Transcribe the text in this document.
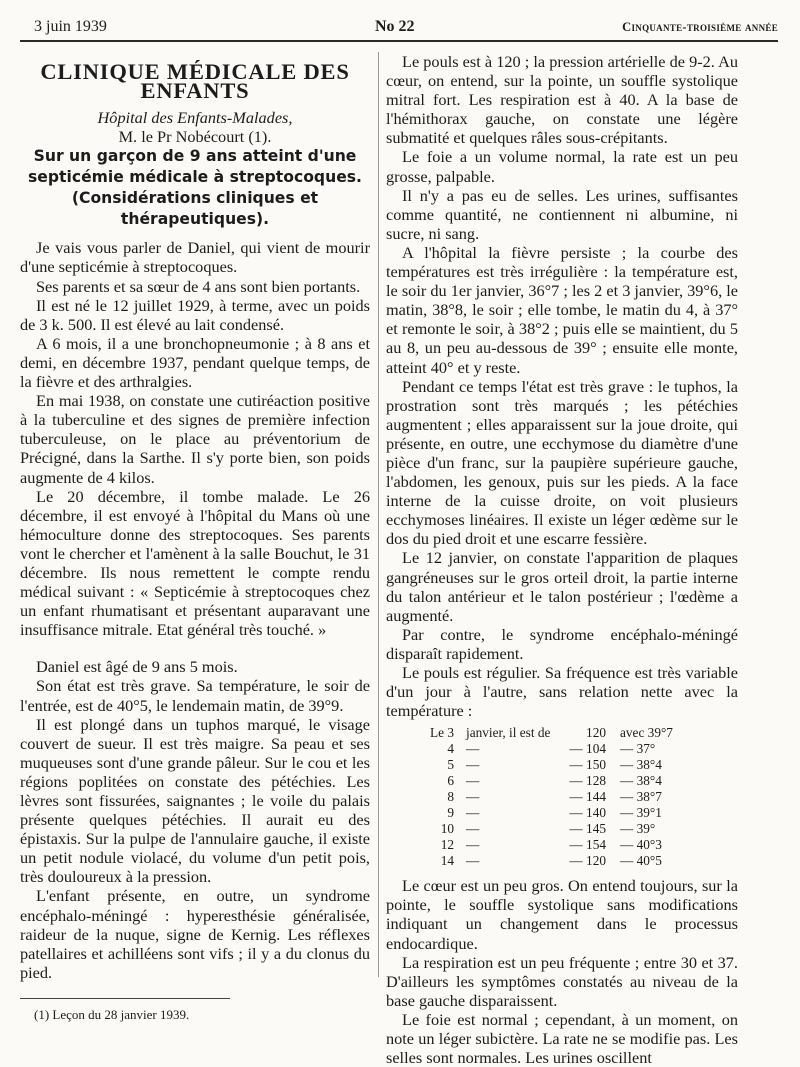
3 juin 1939	No 22	Cinquante-troisième année
CLINIQUE MÉDICALE DES ENFANTS

Hôpital des Enfants-Malades,

M. le Pr Nobécourt (1).

Sur un garçon de 9 ans atteint d'une septicémie médicale à streptocoques. (Considérations cliniques et thérapeutiques).

Je vais vous parler de Daniel, qui vient de mourir d'une septicémie à streptocoques.

Ses parents et sa sœur de 4 ans sont bien portants.

Il est né le 12 juillet 1929, à terme, avec un poids de 3 k. 500. Il est élevé au lait condensé.

A 6 mois, il a une bronchopneumonie ; à 8 ans et demi, en décembre 1937, pendant quelque temps, de la fièvre et des arthralgies.

En mai 1938, on constate une cutiréaction positive à la tuberculine et des signes de première infection tuberculeuse, on le place au préventorium de Précigné, dans la Sarthe. Il s'y porte bien, son poids augmente de 4 kilos.

Le 20 décembre, il tombe malade. Le 26 décembre, il est envoyé à l'hôpital du Mans où une hémoculture donne des streptocoques. Ses parents vont le chercher et l'amènent à la salle Bouchut, le 31 décembre. Ils nous remettent le compte rendu médical suivant : « Septicémie à streptocoques chez un enfant rhumatisant et présentant auparavant une insuffisance mitrale. Etat général très touché. »

Daniel est âgé de 9 ans 5 mois.

Son état est très grave. Sa température, le soir de l'entrée, est de 40°5, le lendemain matin, de 39°9.

Il est plongé dans un tuphos marqué, le visage couvert de sueur. Il est très maigre. Sa peau et ses muqueuses sont d'une grande pâleur. Sur le cou et les régions poplitées on constate des pétéchies. Les lèvres sont fissurées, saignantes ; le voile du palais présente quelques pétéchies. Il aurait eu des épistaxis. Sur la pulpe de l'annulaire gauche, il existe un petit nodule violacé, du volume d'un petit pois, très douloureux à la pression.

L'enfant présente, en outre, un syndrome encéphalo-méningé : hyperesthésie généralisée, raideur de la nuque, signe de Kernig. Les réflexes patellaires et achilléens sont vifs ; il y a du clonus du pied.

(1) Leçon du 28 janvier 1939.

Le pouls est à 120 ; la pression artérielle de 9-2. Au cœur, on entend, sur la pointe, un souffle systolique mitral fort. Les respiration est à 40. A la base de l'hémithorax gauche, on constate une légère submatité et quelques râles sous-crépitants.

Le foie a un volume normal, la rate est un peu grosse, palpable.

Il n'y a pas eu de selles. Les urines, suffisantes comme quantité, ne contiennent ni albumine, ni sucre, ni sang.

A l'hôpital la fièvre persiste ; la courbe des températures est très irrégulière : la température est, le soir du 1er janvier, 36°7 ; les 2 et 3 janvier, 39°6, le matin, 38°8, le soir ; elle tombe, le matin du 4, à 37° et remonte le soir, à 38°2 ; puis elle se maintient, du 5 au 8, un peu au-dessous de 39° ; ensuite elle monte, atteint 40° et y reste.

Pendant ce temps l'état est très grave : le tuphos, la prostration sont très marqués ; les pétéchies augmentent ; elles apparaissent sur la joue droite, qui présente, en outre, une ecchymose du diamètre d'une pièce d'un franc, sur la paupière supérieure gauche, l'abdomen, les genoux, puis sur les pieds. A la face interne de la cuisse droite, on voit plusieurs ecchymoses linéaires. Il existe un léger œdème sur le dos du pied droit et une escarre fessière.

Le 12 janvier, on constate l'apparition de plaques gangréneuses sur le gros orteil droit, la partie interne du talon antérieur et le talon postérieur ; l'œdème a augmenté.

Par contre, le syndrome encéphalo-méningé disparaît rapidement.

Le pouls est régulier. Sa fréquence est très variable d'un jour à l'autre, sans relation nette avec la température :

Le 3	janvier, il est de	120	avec 39°7
4	—	— 104	— 37°
5	—	— 150	— 38°4
6	—	— 128	— 38°4
8	—	— 144	— 38°7
9	—	— 140	— 39°1
10	—	— 145	— 39°
12	—	— 154	— 40°3
14	—	— 120	— 40°5

Le cœur est un peu gros. On entend toujours, sur la pointe, le souffle systolique sans modifications indiquant un changement dans le processus endocardique.

La respiration est un peu fréquente ; entre 30 et 37. D'ailleurs les symptômes constatés au niveau de la base gauche disparaissent.

Le foie est normal ; cependant, à un moment, on note un léger subictère. La rate ne se modifie pas. Les selles sont normales. Les urines oscillent
